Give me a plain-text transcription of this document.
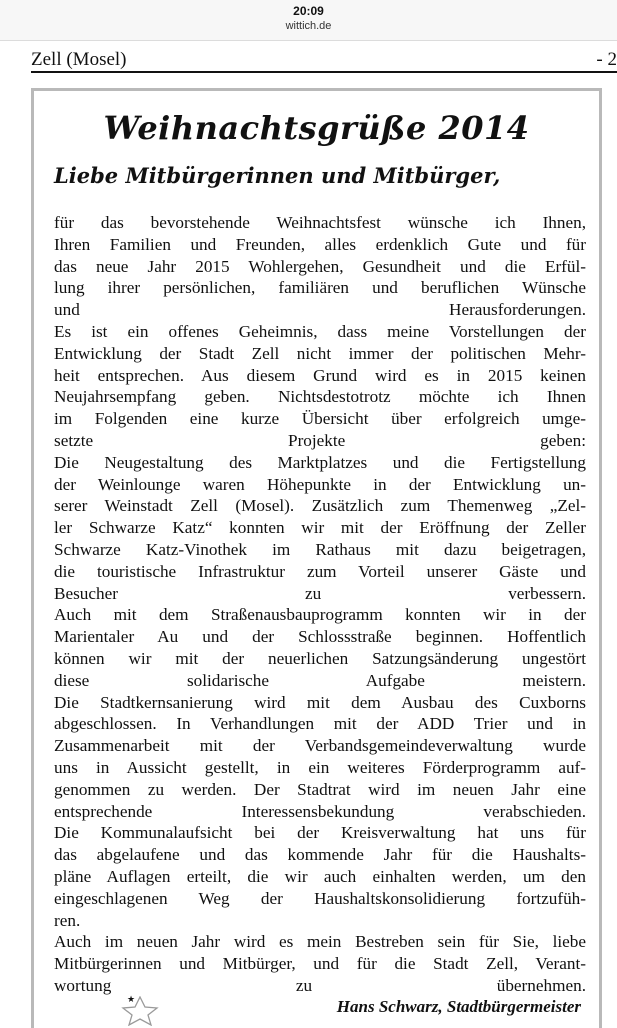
20:09
wittich.de
Zell (Mosel)	- 2
Weihnachtsgrüße 2014
Liebe Mitbürgerinnen und Mitbürger,
für das bevorstehende Weihnachtsfest wünsche ich Ihnen,
Ihren Familien und Freunden, alles erdenklich Gute und für
das neue Jahr 2015 Wohlergehen, Gesundheit und die Erfül-
lung ihrer persönlichen, familiären und beruflichen Wünsche
und Herausforderungen.
Es ist ein offenes Geheimnis, dass meine Vorstellungen der
Entwicklung der Stadt Zell nicht immer der politischen Mehr-
heit entsprechen. Aus diesem Grund wird es in 2015 keinen
Neujahrsempfang geben. Nichtsdestotrotz möchte ich Ihnen
im Folgenden eine kurze Übersicht über erfolgreich umge-
setzte Projekte geben:
Die Neugestaltung des Marktplatzes und die Fertigstellung
der Weinlounge waren Höhepunkte in der Entwicklung un-
serer Weinstadt Zell (Mosel). Zusätzlich zum Themenweg „Zel-
ler Schwarze Katz“ konnten wir mit der Eröffnung der Zeller
Schwarze Katz-Vinothek im Rathaus mit dazu beigetragen,
die touristische Infrastruktur zum Vorteil unserer Gäste und
Besucher zu verbessern.
Auch mit dem Straßenausbauprogramm konnten wir in der
Marientaler Au und der Schlossstraße beginnen. Hoffentlich
können wir mit der neuerlichen Satzungsänderung ungestört
diese solidarische Aufgabe meistern.
Die Stadtkernsanierung wird mit dem Ausbau des Cuxborns
abgeschlossen. In Verhandlungen mit der ADD Trier und in
Zusammenarbeit mit der Verbandsgemeindeverwaltung wurde
uns in Aussicht gestellt, in ein weiteres Förderprogramm auf-
genommen zu werden. Der Stadtrat wird im neuen Jahr eine
entsprechende Interessensbekundung verabschieden.
Die Kommunalaufsicht bei der Kreisverwaltung hat uns für
das abgelaufene und das kommende Jahr für die Haushalts-
pläne Auflagen erteilt, die wir auch einhalten werden, um den
eingeschlagenen Weg der Haushaltskonsolidierung fortzufüh-
ren.
Auch im neuen Jahr wird es mein Bestreben sein für Sie, liebe
Mitbürgerinnen und Mitbürger, und für die Stadt Zell, Verant-
wortung zu übernehmen.
★	Hans Schwarz, Stadtbürgermeister
